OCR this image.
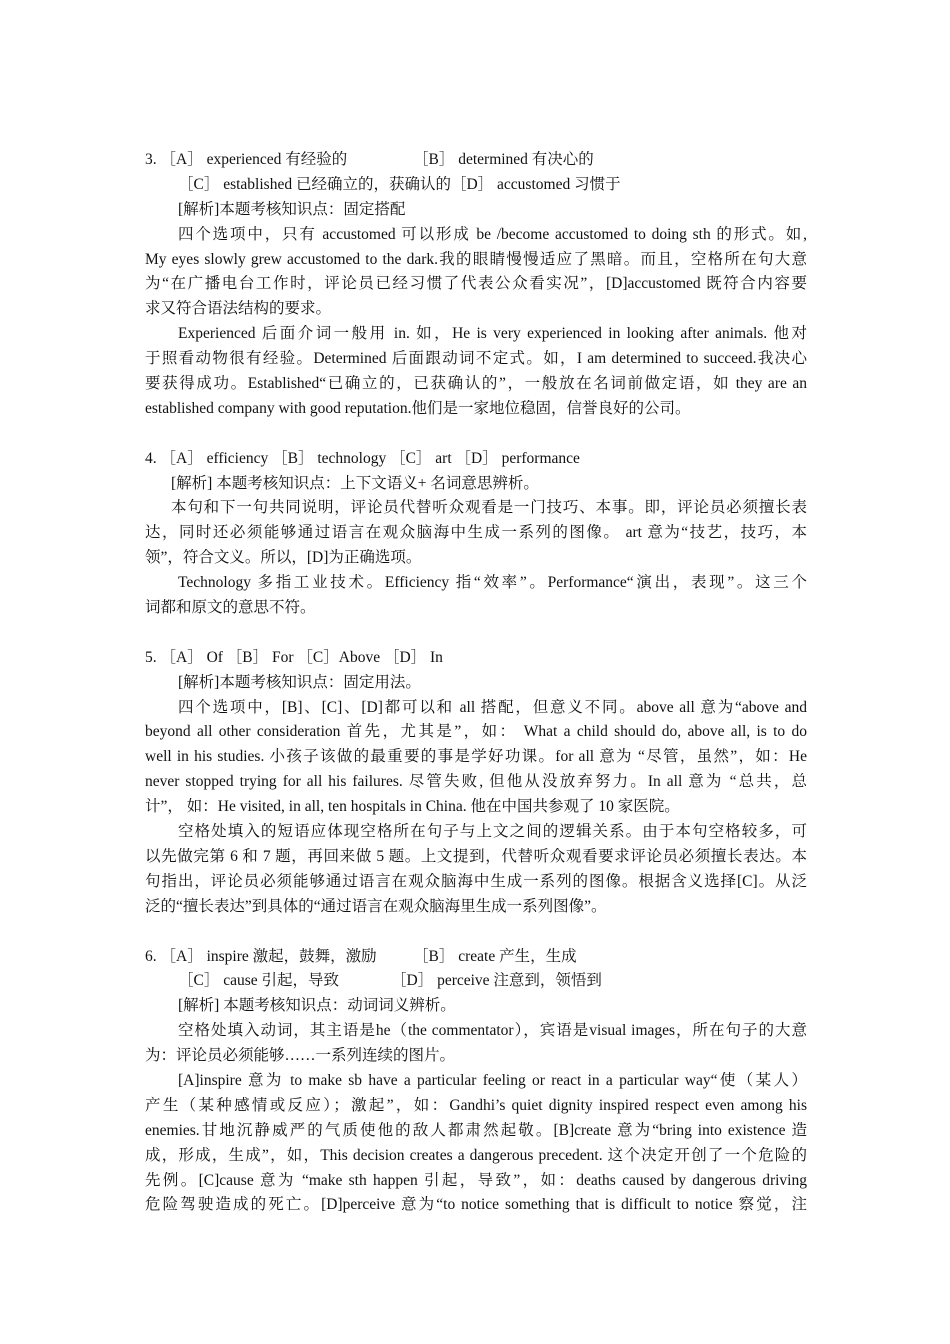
3. ［A］ experienced 有经验的	［B］ determined 有决心的
［C］ established 已经确立的，获确认的［D］ accustomed 习惯于
[解析]本题考核知识点：固定搭配
四个选项中，只有 accustomed 可以形成 be /become accustomed to doing sth 的形式。如,
My eyes slowly grew accustomed to the dark.我的眼睛慢慢适应了黑暗。而且，空格所在句大意
为“在广播电台工作时，评论员已经习惯了代表公众看实况”，[D]accustomed 既符合内容要
求又符合语法结构的要求。
Experienced 后面介词一般用 in. 如，He is very experienced in looking after animals. 他对
于照看动物很有经验。Determined 后面跟动词不定式。如，I am determined to succeed.我决心
要获得成功。Established“已确立的，已获确认的”，一般放在名词前做定语，如 they are an
established company with good reputation.他们是一家地位稳固，信誉良好的公司。
4. ［A］ efficiency ［B］ technology ［C］ art ［D］ performance
[解析] 本题考核知识点：上下文语义+ 名词意思辨析。
本句和下一句共同说明，评论员代替听众观看是一门技巧、本事。即，评论员必须擅长表
达，同时还必须能够通过语言在观众脑海中生成一系列的图像。 art 意为“技艺，技巧，本
领”，符合文义。所以，[D]为正确选项。
Technology 多指工业技术。Efficiency 指“效率”。Performance“演出，表现”。这三个
词都和原文的意思不符。
5. ［A］ Of ［B］ For ［C］Above ［D］ In
[解析]本题考核知识点：固定用法。
四个选项中，[B]、[C]、[D]都可以和 all 搭配，但意义不同。above all 意为“above and
beyond all other consideration 首先，尤其是”，如： What a child should do, above all, is to do
well in his studies. 小孩子该做的最重要的事是学好功课。for all 意为 “尽管，虽然”，如：He
never stopped trying for all his failures. 尽管失败, 但他从没放弃努力。In all 意为 “总共，总
计”， 如：He visited, in all, ten hospitals in China. 他在中国共参观了 10 家医院。
空格处填入的短语应体现空格所在句子与上文之间的逻辑关系。由于本句空格较多，可
以先做完第 6 和 7 题，再回来做 5 题。上文提到，代替听众观看要求评论员必须擅长表达。本
句指出，评论员必须能够通过语言在观众脑海中生成一系列的图像。根据含义选择[C]。从泛
泛的“擅长表达”到具体的“通过语言在观众脑海里生成一系列图像”。
6. ［A］ inspire 激起，鼓舞，激励 ［B］ create 产生，生成
［C］ cause 引起，导致	［D］ perceive 注意到，领悟到
[解析] 本题考核知识点：动词词义辨析。
空格处填入动词，其主语是he（the commentator），宾语是visual images，所在句子的大意
为：评论员必须能够……一系列连续的图片。
[A]inspire 意为 to make sb have a particular feeling or react in a particular way“使（某人）
产生（某种感情或反应）；激起”，如：Gandhi’s quiet dignity inspired respect even among his
enemies.甘地沉静威严的气质使他的敌人都肃然起敬。[B]create 意为“bring into existence 造
成，形成，生成”，如，This decision creates a dangerous precedent. 这个决定开创了一个危险的
先例。[C]cause 意为 “make sth happen 引起，导致”，如：deaths caused by dangerous driving
危险驾驶造成的死亡。[D]perceive 意为“to notice something that is difficult to notice 察觉，注
